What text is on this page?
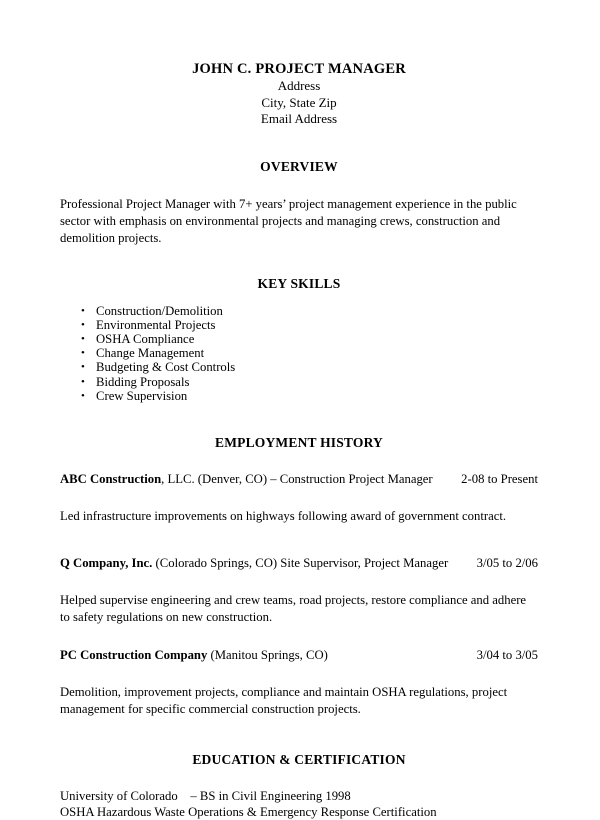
JOHN C. PROJECT MANAGER
Address
City, State Zip
Email Address
OVERVIEW
Professional Project Manager with 7+ years’ project management experience in the public sector with emphasis on environmental projects and managing crews, construction and demolition projects.
KEY SKILLS
• Construction/Demolition
• Environmental Projects
• OSHA Compliance
• Change Management
• Budgeting & Cost Controls
• Bidding Proposals
• Crew Supervision
EMPLOYMENT HISTORY
ABC Construction, LLC. (Denver, CO) – Construction Project Manager	2-08 to Present
Led infrastructure improvements on highways following award of government contract.
Q Company, Inc. (Colorado Springs, CO) Site Supervisor, Project Manager	3/05 to 2/06
Helped supervise engineering and crew teams, road projects, restore compliance and adhere to safety regulations on new construction.
PC Construction Company (Manitou Springs, CO)	3/04 to 3/05
Demolition, improvement projects, compliance and maintain OSHA regulations, project management for specific commercial construction projects.
EDUCATION & CERTIFICATION
University of Colorado    – BS in Civil Engineering 1998
OSHA Hazardous Waste Operations & Emergency Response Certification
